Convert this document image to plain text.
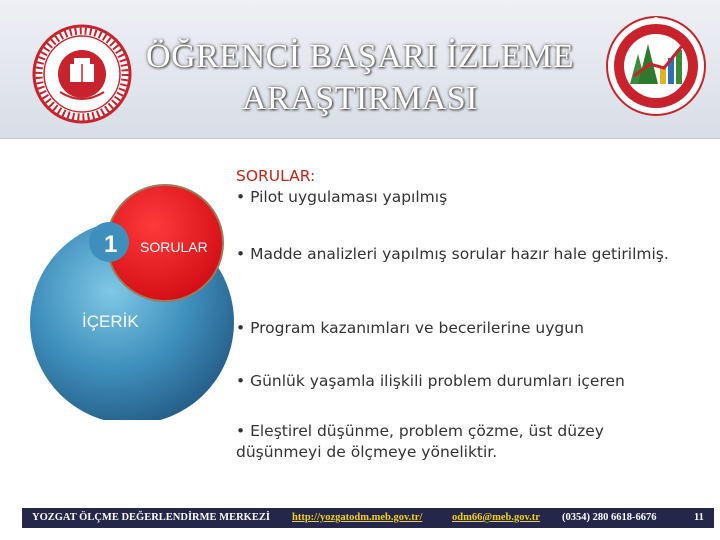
ÖĞRENCİ BAŞARI İZLEME
ARAŞTIRMASI
1 SORULAR
İÇERİK
SORULAR:
• Pilot uygulaması yapılmış
• Madde analizleri yapılmış sorular hazır hale getirilmiş.
• Program kazanımları ve becerilerine uygun
• Günlük yaşamla ilişkili problem durumları içeren
• Eleştirel düşünme, problem çözme, üst düzey düşünmeyi de ölçmeye yöneliktir.
YOZGAT ÖLÇME DEĞERLENDİRME MERKEZİ http://yozgatodm.meb.gov.tr/	odm66@meb.gov.tr (0354) 280 6618-6676	11
